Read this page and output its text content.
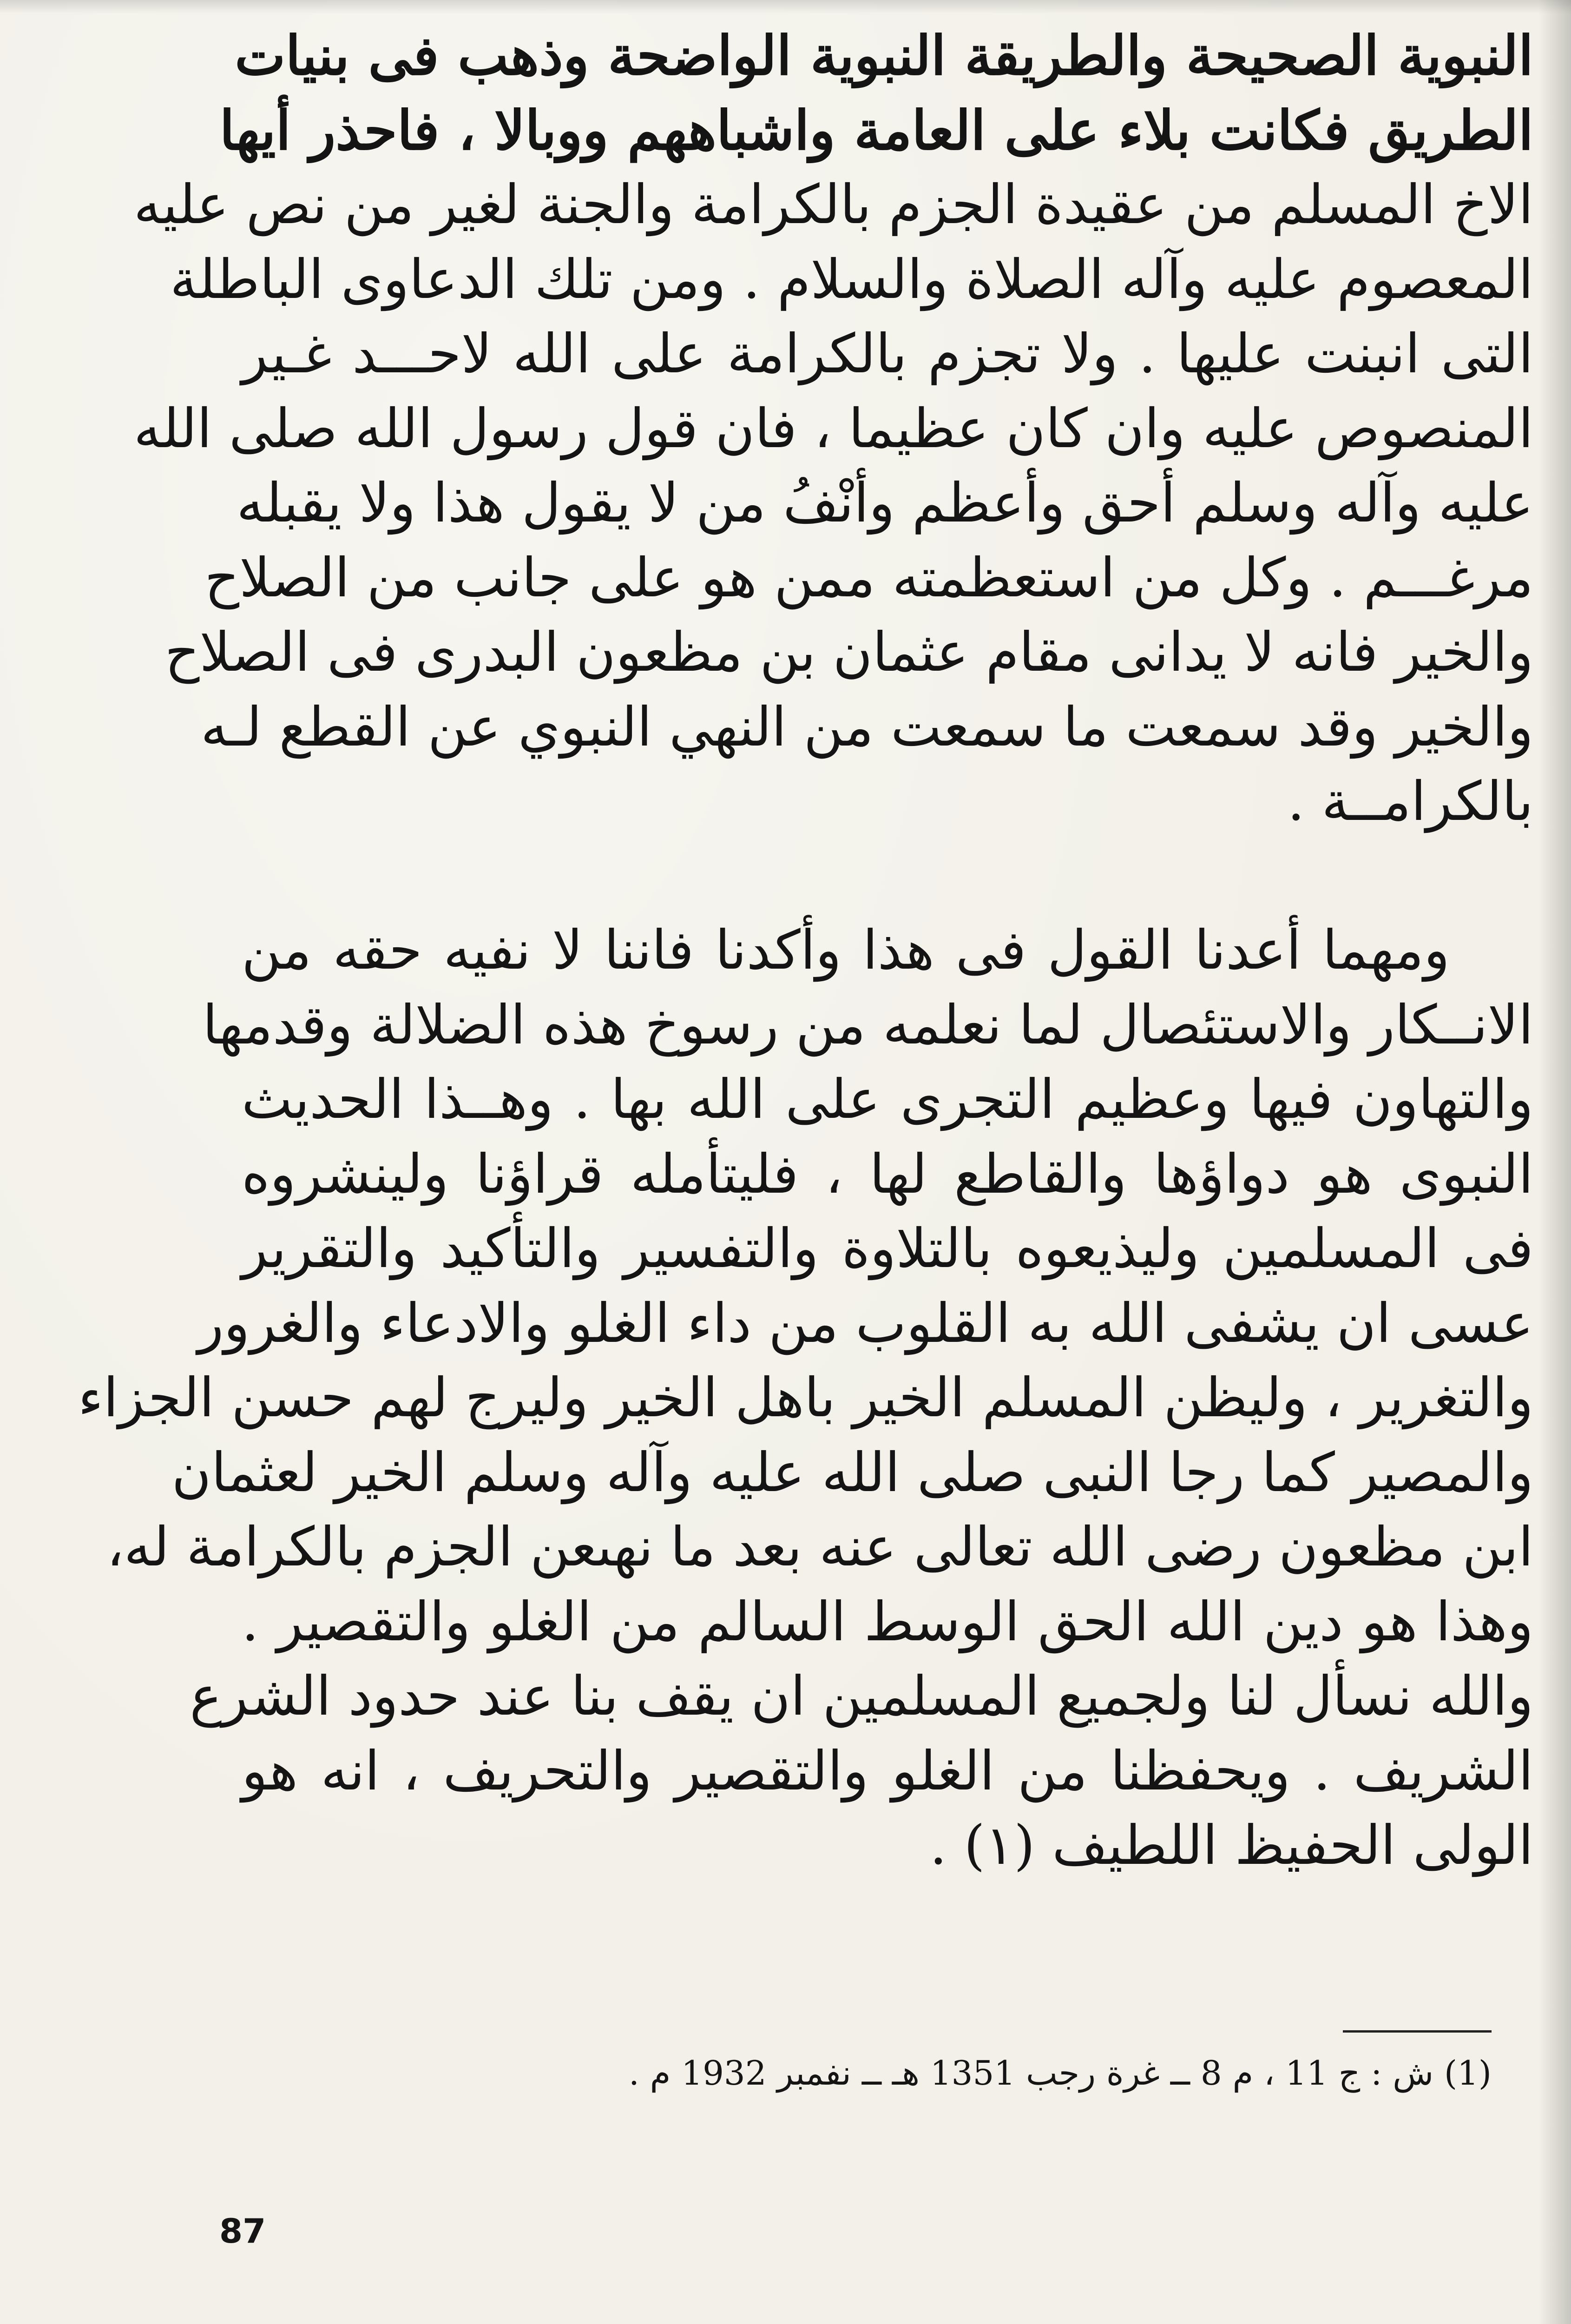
النبوية الصحيحة والطريقة النبوية الواضحة وذهب فى بنيات
الطريق فكانت بلاء على العامة واشباههم ووبالا ، فاحذر أيها
الاخ المسلم من عقيدة الجزم بالكرامة والجنة لغير من نص عليه
المعصوم عليه وآله الصلاة والسلام . ومن تلك الدعاوى الباطلة
التى انبنت عليها . ولا تجزم بالكرامة على الله لاحـــد غـير
المنصوص عليه وان كان عظيما ، فان قول رسول الله صلى الله
عليه وآله وسلم أحق وأعظم وأنْفُ من لا يقول هذا ولا يقبله
مرغـــم . وكل من استعظمته ممن هو على جانب من الصلاح
والخير فانه لا يدانى مقام عثمان بن مظعون البدرى فى الصلاح
والخير وقد سمعت ما سمعت من النهي النبوي عن القطع لـه
بالكرامــة .
ومهما أعدنا القول فى هذا وأكدنا فاننا لا نفيه حقه من
الانــكار والاستئصال لما نعلمه من رسوخ هذه الضلالة وقدمها
والتهاون فيها وعظيم التجرى على الله بها . وهــذا الحديث
النبوى هو دواؤها والقاطع لها ، فليتأمله قراؤنا ولينشروه
فى المسلمين وليذيعوه بالتلاوة والتفسير والتأكيد والتقرير
عسى ان يشفى الله به القلوب من داء الغلو والادعاء والغرور
والتغرير ، وليظن المسلم الخير باهل الخير وليرج لهم حسن الجزاء
والمصير كما رجا النبى صلى الله عليه وآله وسلم الخير لعثمان
ابن مظعون رضى الله تعالى عنه بعد ما نهىعن الجزم بالكرامة له،
وهذا هو دين الله الحق الوسط السالم من الغلو والتقصير .
والله نسأل لنا ولجميع المسلمين ان يقف بنا عند حدود الشرع
الشريف . ويحفظنا من الغلو والتقصير والتحريف ، انه هو
الولى الحفيظ اللطيف (١) .
(1) ش : ج 11 ، م 8 ــ غرة رجب 1351 هـ ــ نفمبر 1932 م .
87
